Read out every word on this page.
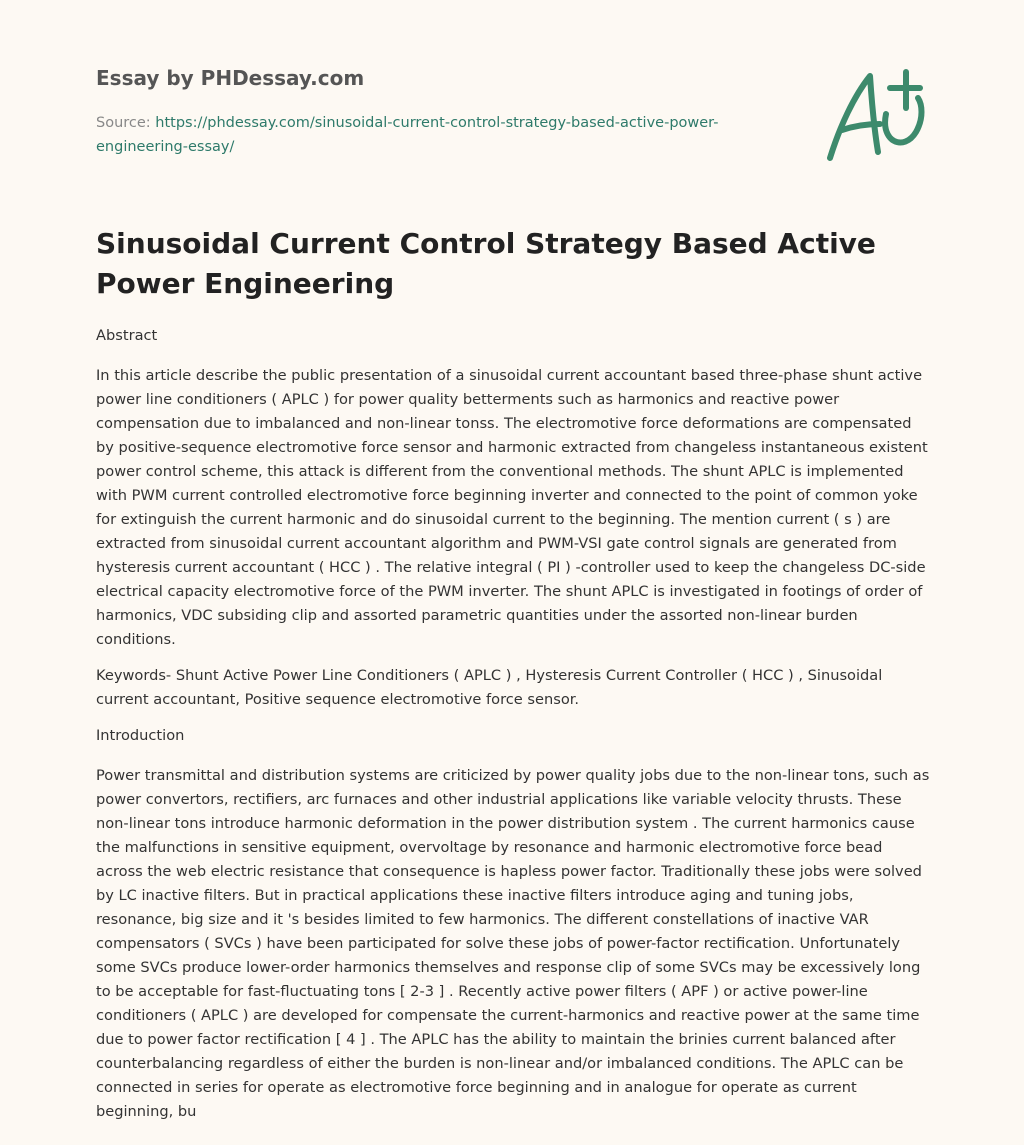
Essay by PHDessay.com
Source: https://phdessay.com/sinusoidal-current-control-strategy-based-active-power-engineering-essay/
Sinusoidal Current Control Strategy Based Active Power Engineering

Abstract

In this article describe the public presentation of a sinusoidal current accountant based three-phase shunt active power line conditioners ( APLC ) for power quality betterments such as harmonics and reactive power compensation due to imbalanced and non-linear tonss. The electromotive force deformations are compensated by positive-sequence electromotive force sensor and harmonic extracted from changeless instantaneous existent power control scheme, this attack is different from the conventional methods. The shunt APLC is implemented with PWM current controlled electromotive force beginning inverter and connected to the point of common yoke for extinguish the current harmonic and do sinusoidal current to the beginning. The mention current ( s ) are extracted from sinusoidal current accountant algorithm and PWM-VSI gate control signals are generated from hysteresis current accountant ( HCC ) . The relative integral ( PI ) -controller used to keep the changeless DC-side electrical capacity electromotive force of the PWM inverter. The shunt APLC is investigated in footings of order of harmonics, VDC subsiding clip and assorted parametric quantities under the assorted non-linear burden conditions.

Keywords- Shunt Active Power Line Conditioners ( APLC ) , Hysteresis Current Controller ( HCC ) , Sinusoidal current accountant, Positive sequence electromotive force sensor.

Introduction

Power transmittal and distribution systems are criticized by power quality jobs due to the non-linear tons, such as power convertors, rectifiers, arc furnaces and other industrial applications like variable velocity thrusts. These non-linear tons introduce harmonic deformation in the power distribution system . The current harmonics cause the malfunctions in sensitive equipment, overvoltage by resonance and harmonic electromotive force bead across the web electric resistance that consequence is hapless power factor. Traditionally these jobs were solved by LC inactive filters. But in practical applications these inactive filters introduce aging and tuning jobs, resonance, big size and it 's besides limited to few harmonics. The different constellations of inactive VAR compensators ( SVCs ) have been participated for solve these jobs of power-factor rectification. Unfortunately some SVCs produce lower-order harmonics themselves and response clip of some SVCs may be excessively long to be acceptable for fast-fluctuating tons [ 2-3 ] . Recently active power filters ( APF ) or active power-line conditioners ( APLC ) are developed for compensate the current-harmonics and reactive power at the same time due to power factor rectification [ 4 ] . The APLC has the ability to maintain the brinies current balanced after counterbalancing regardless of either the burden is non-linear and/or imbalanced conditions. The APLC can be connected in series for operate as electromotive force beginning and in analogue for operate as current beginning, bu
